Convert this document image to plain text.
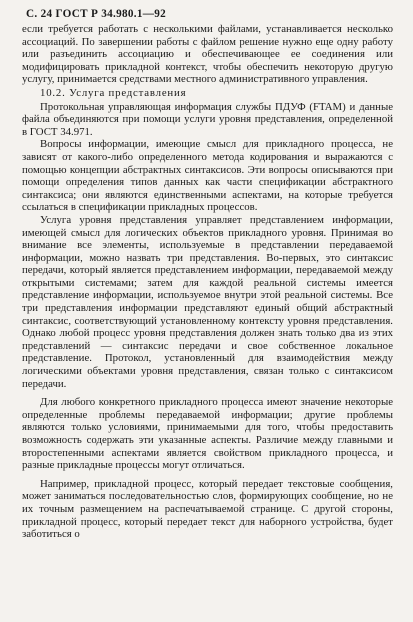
С. 24 ГОСТ Р 34.980.1—92

если требуется работать с несколькими файлами, устанавливается несколько ассоциаций. По завершении работы с файлом решение нужно еще одну работу или разъединить ассоциацию и обеспечивающее ее соединения или модифицировать прикладной контекст, чтобы обеспечить некоторую другую услугу, принимается средствами местного административного управления.

10.2. Услуга представления

Протокольная управляющая информация службы ПДУФ (FTAM) и данные файла объединяются при помощи услуги уровня представления, определенной в ГОСТ 34.971.

Вопросы информации, имеющие смысл для прикладного процесса, не зависят от какого-либо определенного метода кодирования и выражаются с помощью концепции абстрактных синтаксисов. Эти вопросы описываются при помощи определения типов данных как части спецификации абстрактного синтаксиса; они являются единственными аспектами, на которые требуется ссылаться в спецификации прикладных процессов.

Услуга уровня представления управляет представлением информации, имеющей смысл для логических объектов прикладного уровня. Принимая во внимание все элементы, используемые в представлении передаваемой информации, можно назвать три представления. Во-первых, это синтаксис передачи, который является представлением информации, передаваемой между открытыми системами; затем для каждой реальной системы имеется представление информации, используемое внутри этой реальной системы. Все три представления информации представляют единый общий абстрактный синтаксис, соответствующий установленному контексту уровня представления. Однако любой процесс уровня представления должен знать только два из этих представлений — синтаксис передачи и свое собственное локальное представление. Протокол, установленный для взаимодействия между логическими объектами уровня представления, связан только с синтаксисом передачи.

Для любого конкретного прикладного процесса имеют значение некоторые определенные проблемы передаваемой информации; другие проблемы являются только условиями, принимаемыми для того, чтобы предоставить возможность содержать эти указанные аспекты. Различие между главными и второстепенными аспектами является свойством прикладного процесса, и разные прикладные процессы могут отличаться.

Например, прикладной процесс, который передает текстовые сообщения, может заниматься последовательностью слов, формирующих сообщение, но не их точным размещением на распечатываемой странице. С другой стороны, прикладной процесс, который передает текст для наборного устройства, будет заботиться о
